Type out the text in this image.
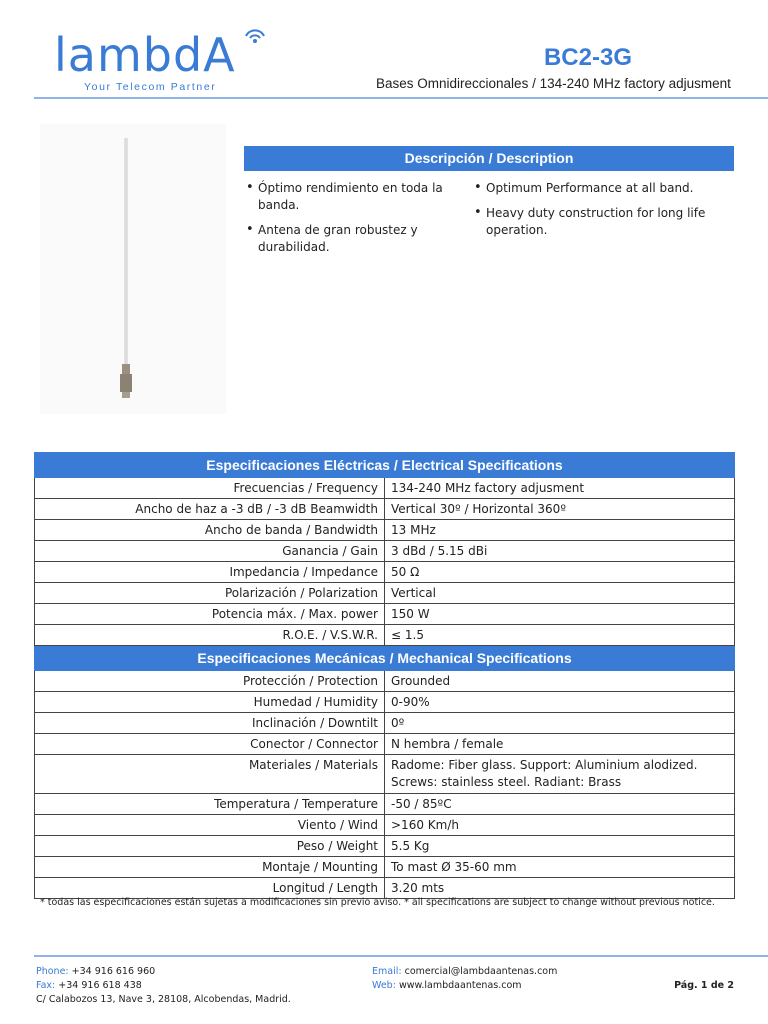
lambdA
Your Telecom Partner
BC2-3G
Bases Omnidireccionales / 134-240 MHz factory adjusment
Descripción / Description
• Óptimo rendimiento en toda la banda.
• Antena de gran robustez y durabilidad.
• Optimum Performance at all band.
• Heavy duty construction for long life operation.
Especificaciones Eléctricas / Electrical Specifications	
Frecuencias / Frequency	134-240 MHz factory adjusment
Ancho de haz a -3 dB / -3 dB Beamwidth	Vertical 30º / Horizontal 360º
Ancho de banda / Bandwidth	13 MHz
Ganancia / Gain	3 dBd / 5.15 dBi
Impedancia / Impedance	50 Ω
Polarización / Polarization	Vertical
Potencia máx. / Max. power	150 W
R.O.E. / V.S.W.R.	≤ 1.5
Especificaciones Mecánicas / Mechanical Specifications	
Protección / Protection	Grounded
Humedad / Humidity	0-90%
Inclinación / Downtilt	0º
Conector / Connector	N hembra / female
Materiales / Materials	Radome: Fiber glass. Support: Aluminium alodized.
Screws: stainless steel. Radiant: Brass
Temperatura / Temperature	-50 / 85ºC
Viento / Wind	>160 Km/h
Peso / Weight	5.5 Kg
Montaje / Mounting	To mast Ø 35-60 mm
Longitud / Length	3.20 mts
* todas las especificaciones están sujetas a modificaciones sin previo aviso. * all specifications are subject to change without previous notice.
Phone: +34 916 616 960
Fax: +34 916 618 438
C/ Calabozos 13, Nave 3, 28108, Alcobendas, Madrid.
Email: comercial@lambdaantenas.com
Web: www.lambdaantenas.com	Pág. 1 de 2
